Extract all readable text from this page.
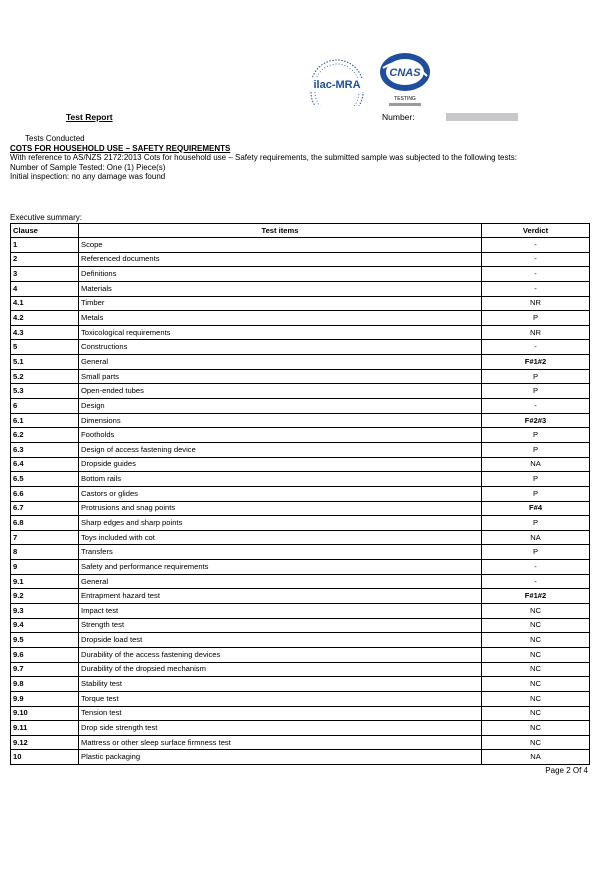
ilac-MRA
CNAS
TESTING
Test Report	Number:
Tests Conducted
COTS FOR HOUSEHOLD USE – SAFETY REQUIREMENTS
With reference to AS/NZS 2172:2013 Cots for household use – Safety requirements, the submitted sample was subjected to the following tests:
Number of Sample Tested: One (1) Piece(s)
Initial inspection: no any damage was found
Executive summary:
Clause	Test items	Verdict
1	Scope	-
2	Referenced documents	-
3	Definitions	-
4	Materials	-
4.1	Timber	NR
4.2	Metals	P
4.3	Toxicological requirements	NR
5	Constructions	-
5.1	General	F#1#2
5.2	Small parts	P
5.3	Open-ended tubes	P
6	Design	-
6.1	Dimensions	F#2#3
6.2	Footholds	P
6.3	Design of access fastening device	P
6.4	Dropside guides	NA
6.5	Bottom rails	P
6.6	Castors or glides	P
6.7	Protrusions and snag points	F#4
6.8	Sharp edges and sharp points	P
7	Toys included with cot	NA
8	Transfers	P
9	Safety and performance requirements	-
9.1	General	-
9.2	Entrapment hazard test	F#1#2
9.3	Impact test	NC
9.4	Strength test	NC
9.5	Dropside load test	NC
9.6	Durability of the access fastening devices	NC
9.7	Durability of the dropsied mechanism	NC
9.8	Stability test	NC
9.9	Torque test	NC
9.10	Tension test	NC
9.11	Drop side strength test	NC
9.12	Mattress or other sleep surface firmness test	NC
10	Plastic packaging	NA
Page 2 Of 4
